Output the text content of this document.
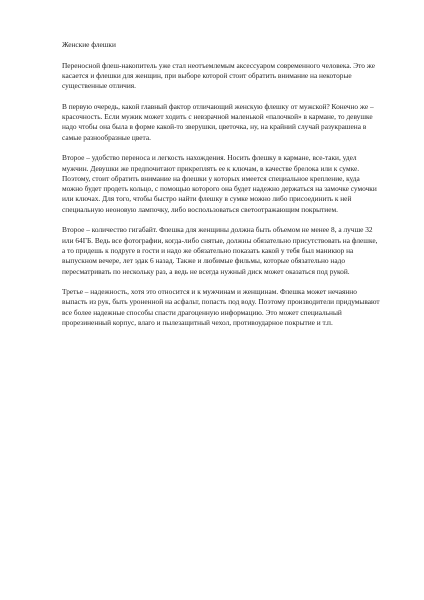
Женские флешки

Переносной флеш-накопитель уже стал неотъемлемым аксессуаром современного человека. Это же касается и флешки для женщин, при выборе которой стоит обратить внимание на некоторые существенные отличия.

В первую очередь, какой главный фактор отличающий женскую флешку от мужской? Конечно же – красочность. Если мужик может ходить с невзрачной маленькой «палочкой» в кармане, то девушке надо чтобы она была в форме какой-то зверушки, цветочка, ну, на крайний случай разукрашена в самые разнообразные цвета.

Второе – удобство переноса и легкость нахождения. Носить флешку в кармане, все-таки, удел мужчин. Девушки же предпочитают прикреплять ее к ключам, в качестве брелока или к сумке. Поэтому, стоит обратить внимание на флешки у которых имеется специальное крепление, куда можно будет продеть кольцо, с помощью которого она будет надежно держаться на замочке сумочки или ключах. Для того, чтобы быстро найти флешку в сумке можно либо присоединить к ней специальную неоновую лампочку, либо воспользоваться светоотражающим покрытием.

Второе – количество гигабайт. Флешка для женщины должна быть объемом не менее 8, а лучше 32 или 64ГБ. Ведь все фотографии, когда-либо снятые, должны обязательно присутствовать на флешке, а то придешь к подруге в гости и надо же обязательно показать какой у тебя был маникюр на выпускном вечере, лет эдак 6 назад. Также и любимые фильмы, которые обязательно надо пересматривать по нескольку раз, а ведь не всегда нужный диск может оказаться под рукой.

Третье – надежность, хотя это относится и к мужчинам и женщинам. Флешка может нечаянно выпасть из рук, быть уроненной на асфальт, попасть под воду. Поэтому производители придумывают все более надежные способы спасти драгоценную информацию. Это может специальный прорезиненный корпус, влаго и пылезащитный чехол, противоударное покрытие и т.п.
